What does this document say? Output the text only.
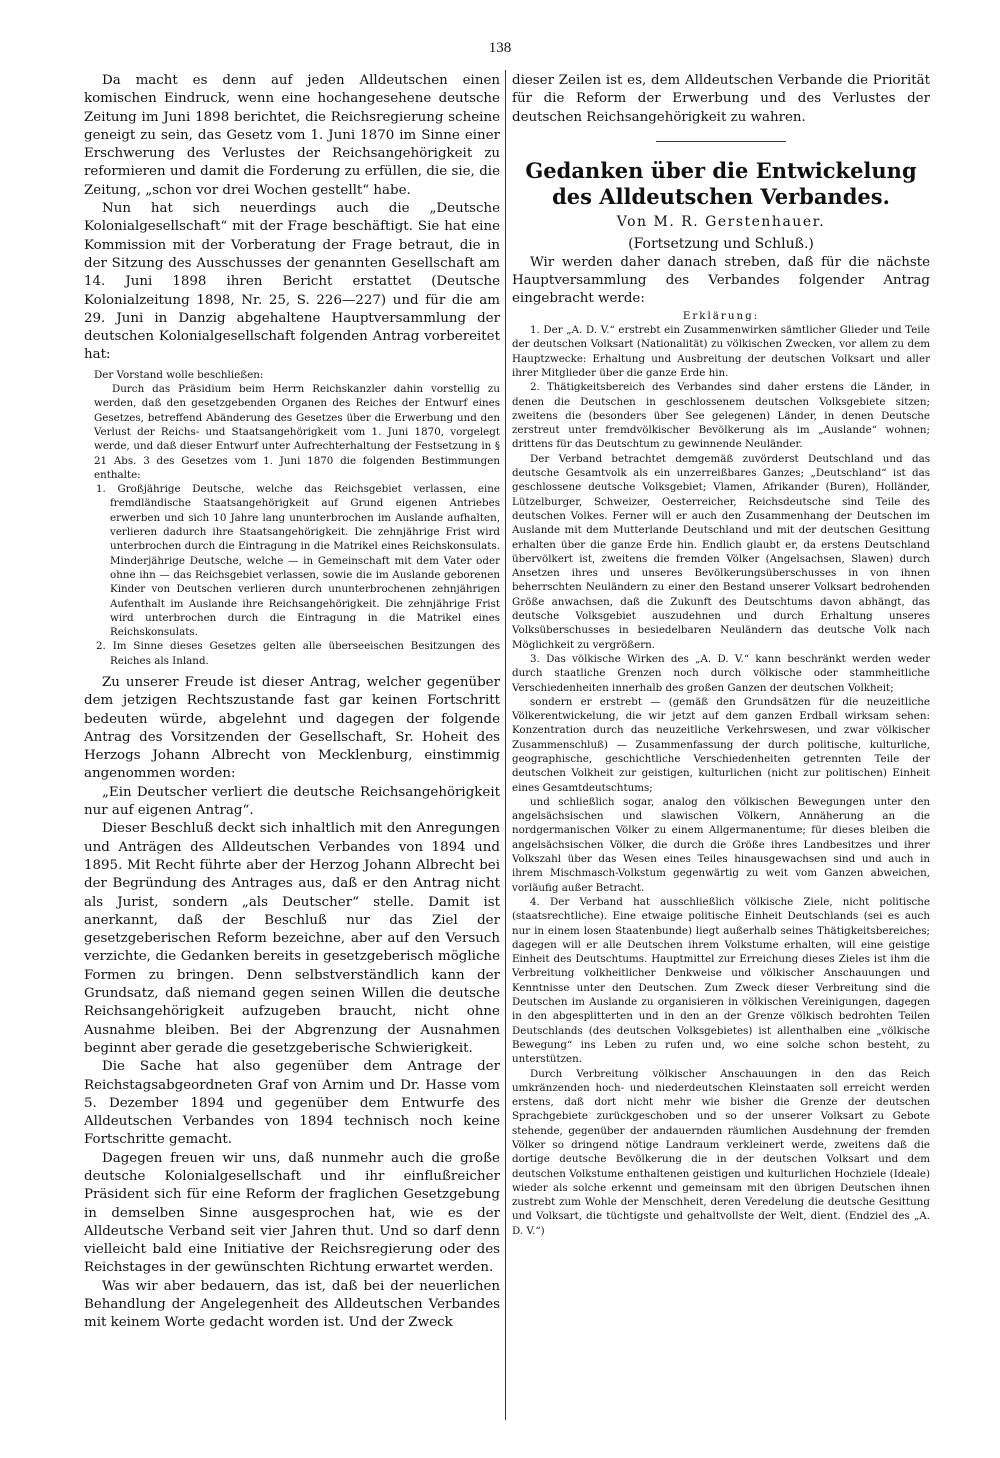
138

Da macht es denn auf jeden Alldeutschen einen komischen Eindruck, wenn eine hochangesehene deutsche Zeitung im Juni 1898 berichtet, die Reichsregierung scheine geneigt zu sein, das Gesetz vom 1. Juni 1870 im Sinne einer Erschwerung des Verlustes der Reichsangehörigkeit zu reformieren und damit die Forderung zu erfüllen, die sie, die Zeitung, „schon vor drei Wochen gestellt“ habe.

Nun hat sich neuerdings auch die „Deutsche Kolonialgesellschaft“ mit der Frage beschäftigt. Sie hat eine Kommission mit der Vorberatung der Frage betraut, die in der Sitzung des Ausschusses der genannten Gesellschaft am 14. Juni 1898 ihren Bericht erstattet (Deutsche Kolonialzeitung 1898, Nr. 25, S. 226—227) und für die am 29. Juni in Danzig abgehaltene Hauptversammlung der deutschen Kolonialgesellschaft folgenden Antrag vorbereitet hat:

Der Vorstand wolle beschließen:

Durch das Präsidium beim Herrn Reichskanzler dahin vorstellig zu werden, daß den gesetzgebenden Organen des Reiches der Entwurf eines Gesetzes, betreffend Abänderung des Gesetzes über die Erwerbung und den Verlust der Reichs- und Staatsangehörigkeit vom 1. Juni 1870, vorgelegt werde, und daß dieser Entwurf unter Aufrechterhaltung der Festsetzung in § 21 Abs. 3 des Gesetzes vom 1. Juni 1870 die folgenden Bestimmungen enthalte:

1. Großjährige Deutsche, welche das Reichsgebiet verlassen, eine fremdländische Staatsangehörigkeit auf Grund eigenen Antriebes erwerben und sich 10 Jahre lang ununterbrochen im Auslande aufhalten, verlieren dadurch ihre Staatsangehörigkeit. Die zehnjährige Frist wird unterbrochen durch die Eintragung in die Matrikel eines Reichskonsulats. Minderjährige Deutsche, welche — in Gemeinschaft mit dem Vater oder ohne ihn — das Reichsgebiet verlassen, sowie die im Auslande geborenen Kinder von Deutschen verlieren durch ununterbrochenen zehnjährigen Aufenthalt im Auslande ihre Reichsangehörigkeit. Die zehnjährige Frist wird unterbrochen durch die Eintragung in die Matrikel eines Reichskonsulats.

2. Im Sinne dieses Gesetzes gelten alle überseeischen Besitzungen des Reiches als Inland.

Zu unserer Freude ist dieser Antrag, welcher gegenüber dem jetzigen Rechtszustande fast gar keinen Fortschritt bedeuten würde, abgelehnt und dagegen der folgende Antrag des Vorsitzenden der Gesellschaft, Sr. Hoheit des Herzogs Johann Albrecht von Mecklenburg, einstimmig angenommen worden:

„Ein Deutscher verliert die deutsche Reichsangehörigkeit nur auf eigenen Antrag“.

Dieser Beschluß deckt sich inhaltlich mit den Anregungen und Anträgen des Alldeutschen Verbandes von 1894 und 1895. Mit Recht führte aber der Herzog Johann Albrecht bei der Begründung des Antrages aus, daß er den Antrag nicht als Jurist, sondern „als Deutscher“ stelle. Damit ist anerkannt, daß der Beschluß nur das Ziel der gesetzgeberischen Reform bezeichne, aber auf den Versuch verzichte, die Gedanken bereits in gesetzgeberisch mögliche Formen zu bringen. Denn selbstverständlich kann der Grundsatz, daß niemand gegen seinen Willen die deutsche Reichsangehörigkeit aufzugeben braucht, nicht ohne Ausnahme bleiben. Bei der Abgrenzung der Ausnahmen beginnt aber gerade die gesetzgeberische Schwierigkeit.

Die Sache hat also gegenüber dem Antrage der Reichstagsabgeordneten Graf von Arnim und Dr. Hasse vom 5. Dezember 1894 und gegenüber dem Entwurfe des Alldeutschen Verbandes von 1894 technisch noch keine Fortschritte gemacht.

Dagegen freuen wir uns, daß nunmehr auch die große deutsche Kolonialgesellschaft und ihr einflußreicher Präsident sich für eine Reform der fraglichen Gesetzgebung in demselben Sinne ausgesprochen hat, wie es der Alldeutsche Verband seit vier Jahren thut. Und so darf denn vielleicht bald eine Initiative der Reichsregierung oder des Reichstages in der gewünschten Richtung erwartet werden.

Was wir aber bedauern, das ist, daß bei der neuerlichen Behandlung der Angelegenheit des Alldeutschen Verbandes mit keinem Worte gedacht worden ist. Und der Zweck

dieser Zeilen ist es, dem Alldeutschen Verbande die Priorität für die Reform der Erwerbung und des Verlustes der deutschen Reichsangehörigkeit zu wahren.

Gedanken über die Entwickelung
des Alldeutschen Verbandes.
Von M. R. Gerstenhauer.
(Fortsetzung und Schluß.)

Wir werden daher danach streben, daß für die nächste Hauptversammlung des Verbandes folgender Antrag eingebracht werde:

Erklärung:

1. Der „A. D. V.“ erstrebt ein Zusammenwirken sämtlicher Glieder und Teile der deutschen Volksart (Nationalität) zu völkischen Zwecken, vor allem zu dem Hauptzwecke: Erhaltung und Ausbreitung der deutschen Volksart und aller ihrer Mitglieder über die ganze Erde hin.

2. Thätigkeitsbereich des Verbandes sind daher erstens die Länder, in denen die Deutschen in geschlossenem deutschen Volksgebiete sitzen; zweitens die (besonders über See gelegenen) Länder, in denen Deutsche zerstreut unter fremdvölkischer Bevölkerung als im „Auslande“ wohnen; drittens für das Deutschtum zu gewinnende Neuländer.

Der Verband betrachtet demgemäß zuvörderst Deutschland und das deutsche Gesamtvolk als ein unzerreißbares Ganzes; „Deutschland“ ist das geschlossene deutsche Volksgebiet; Vlamen, Afrikander (Buren), Holländer, Lützelburger, Schweizer, Oesterreicher, Reichsdeutsche sind Teile des deutschen Volkes. Ferner will er auch den Zusammenhang der Deutschen im Auslande mit dem Mutterlande Deutschland und mit der deutschen Gesittung erhalten über die ganze Erde hin. Endlich glaubt er, da erstens Deutschland übervölkert ist, zweitens die fremden Völker (Angelsachsen, Slawen) durch Ansetzen ihres und unseres Bevölkerungsüberschusses in von ihnen beherrschten Neuländern zu einer den Bestand unserer Volksart bedrohenden Größe anwachsen, daß die Zukunft des Deutschtums davon abhängt, das deutsche Volksgebiet auszudehnen und durch Erhaltung unseres Volksüberschusses in besiedelbaren Neuländern das deutsche Volk nach Möglichkeit zu vergrößern.

3. Das völkische Wirken des „A. D. V.“ kann beschränkt werden weder durch staatliche Grenzen noch durch völkische oder stammheitliche Verschiedenheiten innerhalb des großen Ganzen der deutschen Volkheit;

sondern er erstrebt — (gemäß den Grundsätzen für die neuzeitliche Völkerentwickelung, die wir jetzt auf dem ganzen Erdball wirksam sehen: Konzentration durch das neuzeitliche Verkehrswesen, und zwar völkischer Zusammenschluß) — Zusammenfassung der durch politische, kulturliche, geographische, geschichtliche Verschiedenheiten getrennten Teile der deutschen Volkheit zur geistigen, kulturlichen (nicht zur politischen) Einheit eines Gesamtdeutschtums;

und schließlich sogar, analog den völkischen Bewegungen unter den angelsächsischen und slawischen Völkern, Annäherung an die nordgermanischen Völker zu einem Allgermanentume; für dieses bleiben die angelsächsischen Völker, die durch die Größe ihres Landbesitzes und ihrer Volkszahl über das Wesen eines Teiles hinausgewachsen sind und auch in ihrem Mischmasch-Volkstum gegenwärtig zu weit vom Ganzen abweichen, vorläufig außer Betracht.

4. Der Verband hat ausschließlich völkische Ziele, nicht politische (staatsrechtliche). Eine etwaige politische Einheit Deutschlands (sei es auch nur in einem losen Staatenbunde) liegt außerhalb seines Thätigkeitsbereiches; dagegen will er alle Deutschen ihrem Volkstume erhalten, will eine geistige Einheit des Deutschtums. Hauptmittel zur Erreichung dieses Zieles ist ihm die Verbreitung volkheitlicher Denkweise und völkischer Anschauungen und Kenntnisse unter den Deutschen. Zum Zweck dieser Verbreitung sind die Deutschen im Auslande zu organisieren in völkischen Vereinigungen, dagegen in den abgesplitterten und in den an der Grenze völkisch bedrohten Teilen Deutschlands (des deutschen Volksgebietes) ist allenthalben eine „völkische Bewegung“ ins Leben zu rufen und, wo eine solche schon besteht, zu unterstützen.

Durch Verbreitung völkischer Anschauungen in den das Reich umkränzenden hoch- und niederdeutschen Kleinstaaten soll erreicht werden erstens, daß dort nicht mehr wie bisher die Grenze der deutschen Sprachgebiete zurückgeschoben und so der unserer Volksart zu Gebote stehende, gegenüber der andauernden räumlichen Ausdehnung der fremden Völker so dringend nötige Landraum verkleinert werde, zweitens daß die dortige deutsche Bevölkerung die in der deutschen Volksart und dem deutschen Volkstume enthaltenen geistigen und kulturlichen Hochziele (Ideale) wieder als solche erkennt und gemeinsam mit den übrigen Deutschen ihnen zustrebt zum Wohle der Menschheit, deren Veredelung die deutsche Gesittung und Volksart, die tüchtigste und gehaltvollste der Welt, dient. (Endziel des „A. D. V.“)
